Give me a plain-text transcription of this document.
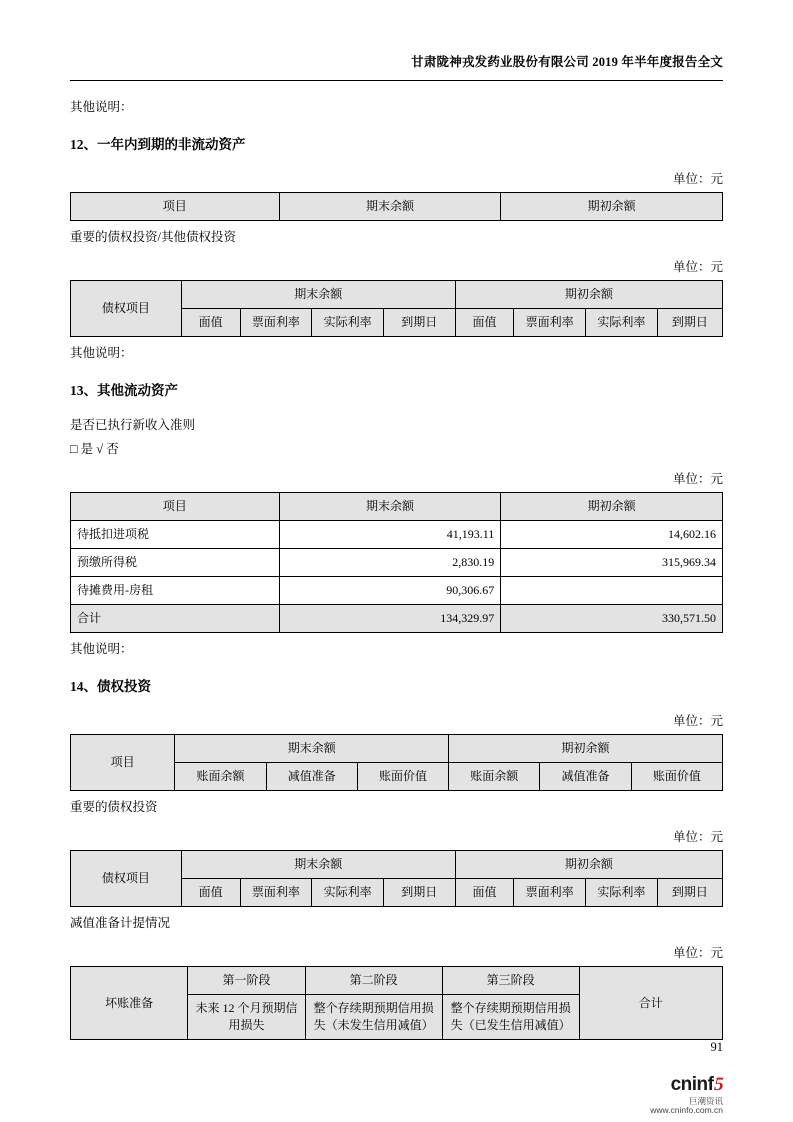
甘肃陇神戎发药业股份有限公司 2019 年半年度报告全文

其他说明：

12、一年内到期的非流动资产
单位：元
项目	期末余额	期初余额

重要的债权投资/其他债权投资

单位：元
债权项目	期末余额				期初余额			
	面值	票面利率	实际利率	到期日	面值	票面利率	实际利率	到期日

其他说明：

13、其他流动资产

是否已执行新收入准则

□ 是 √ 否

单位：元
项目	期末余额	期初余额
待抵扣进项税	41,193.11	14,602.16
预缴所得税	2,830.19	315,969.34
待摊费用-房租	90,306.67	
合计	134,329.97	330,571.50

其他说明：

14、债权投资
单位：元
项目	期末余额			期初余额		
	账面余额	减值准备	账面价值	账面余额	减值准备	账面价值

重要的债权投资

单位：元
债权项目	期末余额				期初余额			
	面值	票面利率	实际利率	到期日	面值	票面利率	实际利率	到期日

减值准备计提情况

单位：元
坏账准备	第一阶段	第二阶段	第三阶段	合计
	未来 12 个月预期信用损失	整个存续期预期信用损失（未发生信用减值）	整个存续期预期信用损失（已发生信用减值）	
91
cninf5
巨潮资讯
www.cninfo.com.cn
